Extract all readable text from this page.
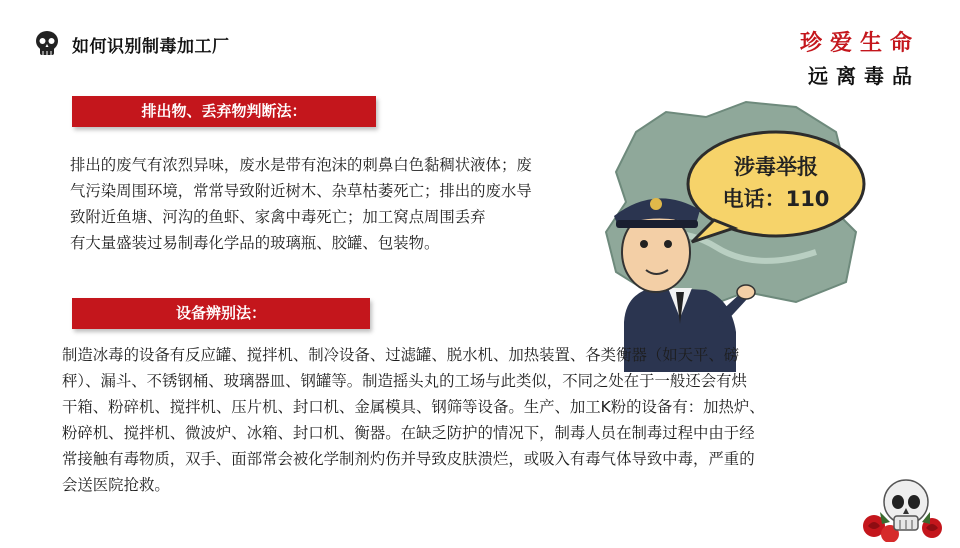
如何识别制毒加工厂	珍爱生命
远离毒品
排出物、丢弃物判断法：
排出的废气有浓烈异味，废水是带有泡沫的刺鼻白色黏稠状液体；废
气污染周围环境，常常导致附近树木、杂草枯萎死亡；排出的废水导
致附近鱼塘、河沟的鱼虾、家禽中毒死亡；加工窝点周围丢弃
有大量盛装过易制毒化学品的玻璃瓶、胶罐、包装物。
涉毒举报
电话：110
设备辨别法：
制造冰毒的设备有反应罐、搅拌机、制冷设备、过滤罐、脱水机、加热装置、各类衡器（如天平、磅
秤）、漏斗、不锈钢桶、玻璃器皿、钢罐等。制造摇头丸的工场与此类似，不同之处在于一般还会有烘
干箱、粉碎机、搅拌机、压片机、封口机、金属模具、钢筛等设备。生产、加工K粉的设备有：加热炉、
粉碎机、搅拌机、微波炉、冰箱、封口机、衡器。在缺乏防护的情况下，制毒人员在制毒过程中由于经
常接触有毒物质，双手、面部常会被化学制剂灼伤并导致皮肤溃烂，或吸入有毒气体导致中毒，严重的
会送医院抢救。
